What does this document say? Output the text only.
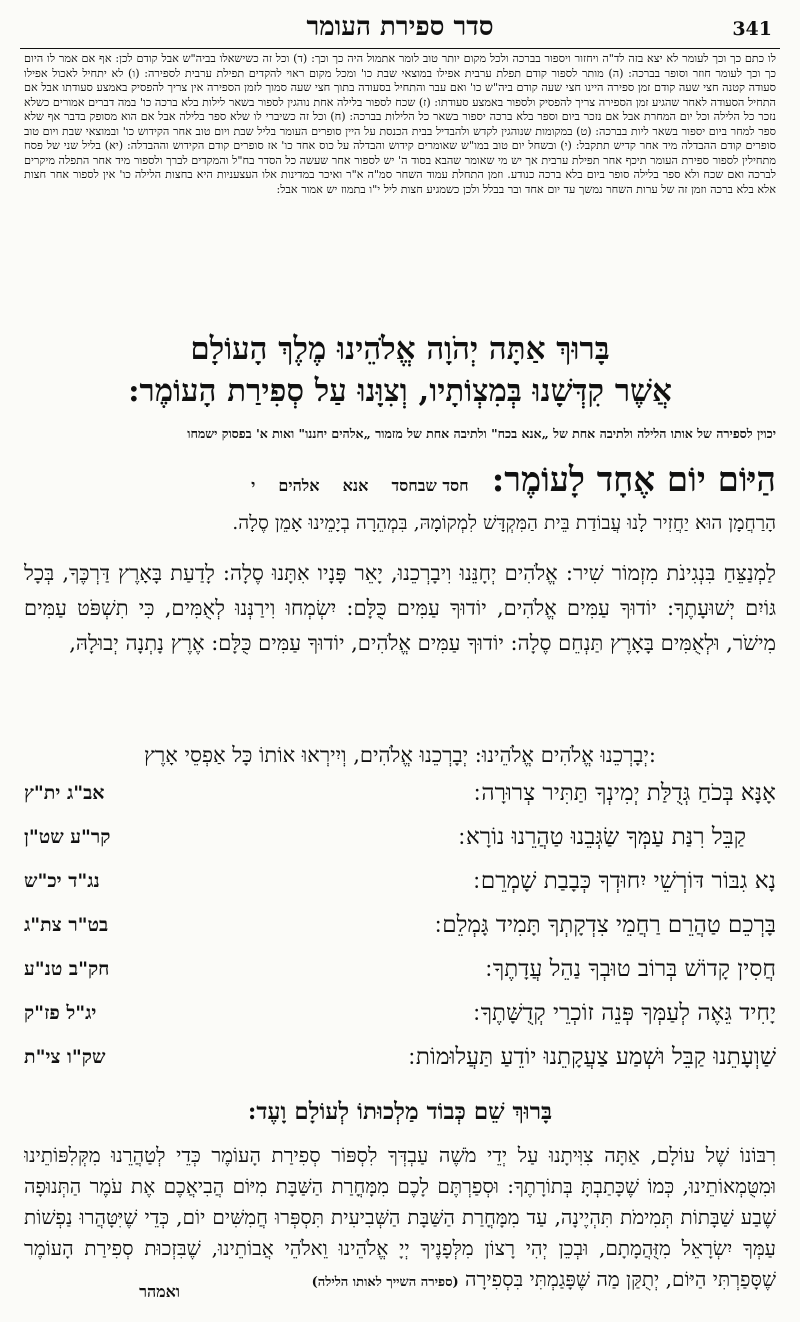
סדר ספירת העומר	341
לו כתם כך וכך לעומר לא יצא בזה לד"ה ויחזור ויספור בברכה ולכל מקום יותר טוב לומר אתמול היה כך וכך: (ד) וכל זה כשישאלו בביה"ש אבל קודם לכן: אף אם אמר לו היום כך וכך לעומר חוזר וסופר בברכה: (ה) מותר לספור קודם תפלת ערבית אפילו במוצאי שבת כו' ומכל מקום ראוי להקדים תפילת ערבית לספירה: (ו) לא יתחיל לאכול אפילו סעודה קטנה חצי שעה קודם זמן ספירה היינו חצי שעה קודם ביה"ש כו' ואם עבר והתחיל בסעודה בתוך חצי שעה סמוך לזמן הספירה אין צריך להפסיק באמצע סעודתו אבל אם התחיל הסעודה לאחר שהגיע זמן הספירה צריך להפסיק ולספור באמצע סעודתו: (ז) שכח לספור בלילה אחת נוהגין לספור בשאר לילות בלא ברכה כו' במה דברים אמורים כשלא נזכר כל הלילה וכל יום המחרת אבל אם נזכר ביום וספר בלא ברכה יספור בשאר כל הלילות בברכה: (ח) וכל זה כשיברי לו שלא ספר בלילה אבל אם הוא מסופק בדבר אף שלא ספר למחר ביום יספור בשאר ליות בברכה: (ט) במקומות שנוהגין לקדש ולהבדיל בבית הכנסת על היין סופרים העומר בליל שבת ויום טוב אחר הקידוש כו' ובמוצאי שבת ויום טוב סופרים קודם ההבדלה מיד אחר קדיש תתקבל: (י) ובשחל יום טוב במו"ש שאומרים קידוש והבדלה על כוס אחד כו' אז סופרים קודם הקידוש וההבדלה: (יא) בליל שני של פסח מתחילין לספור ספירת העומר תיכף אחר תפילת ערבית אך יש מי שאומר שהבא בסוד ה' יש לספור אחר שעשה כל הסדר בח"ל והמקדים לברך ולספור מיד אחר התפלה מיקרים לברכה ואם שכח ולא ספר בלילה סופר ביום בלא ברכה כנודע. וזמן התחלת עמוד השחר סמ"ה א"ר ואיכר במדינות אלו העצעניות היא בחצות הלילה כו' אין לספור אחר חצות אלא בלא ברכה וזמן זה של ערות השחר נמשך עד יום אחד ובר בבלל ולכן כשמגיע חצות ליל י"ו בתמוז יש אמור אבל:
בָּרוּךְ אַתָּה יְהֹוָה אֱלֹהֵינוּ מֶלֶךְ הָעוֹלָם
אֲשֶׁר קִדְּשָׁנוּ בְּמִצְוֹתָיו, וְצִוָּנוּ עַל סְפִירַת הָעוֹמֶר:
יכוין לספירה של אותו הלילה ולתיבה אחת של „אנא בכח" ולתיבה אחת של מזמור „אלהים יחננו" ואות א' בפסוק ישמחו
הַיּוֹם יוֹם אֶחָד לָעוֹמֶר: חסד שבחסד אנא אלהים י
הָרַחֲמָן הוּא יַחֲזִיר לָנוּ עֲבוֹדַת בֵּית הַמִּקְדָּשׁ לִמְקוֹמָהּ, בִּמְהֵרָה בְיָמֵינוּ אָמֵן סֶלָה.
לַמְנַצֵּחַ בִּנְגִינֹת מִזְמוֹר שִׁיר: אֱלֹהִים יְחָנֵּנוּ וִיבָרְכֵנוּ, יָאֵר פָּנָיו אִתָּנוּ סֶלָה: לָדַעַת בָּאָרֶץ דַּרְכֶּךָ, בְּכָל גּוֹיִם יְשׁוּעָתֶךָ: יוֹדוּךָ עַמִּים אֱלֹהִים, יוֹדוּךָ עַמִּים כֻּלָּם: יִשְׂמְחוּ וִירַנְּנוּ לְאֻמִּים, כִּי תִשְׁפֹּט עַמִּים מִישֹׁר, וּלְאֻמִּים בָּאָרֶץ תַּנְחֵם סֶלָה: יוֹדוּךָ עַמִּים אֱלֹהִים, יוֹדוּךָ עַמִּים כֻּלָּם: אֶרֶץ נָתְנָה יְבוּלָהּ,
יְבָרְכֵנוּ אֱלֹהִים אֱלֹהֵינוּ: יְבָרְכֵנוּ אֱלֹהִים, וְיִירְאוּ אוֹתוֹ כָּל אַפְסֵי אָרֶץ:
אָנָּא בְּכֹחַ גְּדֻלַּת יְמִינְךָ תַּתִּיר צְרוּרָה ׃
אב"ג ית"ץ
קַבֵּל רִנַּת עַמְּךָ שַׂגְּבֵנוּ טַהֲרֵנוּ נוֹרָא ׃
קר"ע שט"ן
נָא גִבּוֹר דּוֹרְשֵׁי יִחוּדְךָ כְּבָבַת שָׁמְרֵם ׃
נג"ד יכ"ש
בָּרְכֵם טַהֲרֵם רַחֲמֵי צִדְקָתְךָ תָּמִיד גָּמְלֵם ׃
בט"ר צת"ג
חֲסִין קָדוֹשׁ בְּרוֹב טוּבְךָ נַהֵל עֲדָתֶךָ ׃
חק"ב טנ"ע
יָחִיד גֵּאֶה לְעַמְּךָ פְּנֵה זוֹכְרֵי קְדֻשָּׁתֶךָ ׃
יג"ל פז"ק
שַׁוְעָתֵנוּ קַבֵּל וּשְׁמַע צַעֲקָתֵנוּ יוֹדֵעַ תַּעֲלוּמוֹת ׃
שק"ו צי"ת
בָּרוּךְ שֵׁם כְּבוֹד מַלְכוּתוֹ לְעוֹלָם וָעֶד:
רִבּוֹנוֹ שֶׁל עוֹלָם, אַתָּה צִוִּיתָנוּ עַל יְדֵי מֹשֶׁה עַבְדְּךָ לִסְפּוֹר סְפִירַת הָעוֹמֶר כְּדֵי לְטַהֲרֵנוּ מִקְּלִפּוֹתֵינוּ וּמִטֻּמְאוֹתֵינוּ, כְּמוֹ שֶׁכָּתַבְתָּ בְּתוֹרָתֶךָ: וּסְפַרְתֶּם לָכֶם מִמָּחֳרַת הַשַּׁבָּת מִיּוֹם הֲבִיאֲכֶם אֶת עֹמֶר הַתְּנוּפָה שֶׁבַע שַׁבָּתוֹת תְּמִימֹת תִּהְיֶינָה, עַד מִמָּחֳרַת הַשַּׁבָּת הַשְּׁבִיעִית תִּסְפְּרוּ חֲמִשִּׁים יוֹם, כְּדֵי שֶׁיִּטָּהֲרוּ נַפְשׁוֹת עַמְּךָ יִשְׂרָאֵל מִזֻּהֲמָתָם, וּבְכֵן יְהִי רָצוֹן מִלְּפָנֶיךָ יְיָ אֱלֹהֵינוּ וֵאלֹהֵי אֲבוֹתֵינוּ, שֶׁבִּזְכוּת סְפִירַת הָעוֹמֶר שֶׁסָּפַרְתִּי הַיּוֹם, יְתֻקַּן מַה שֶּׁפָּגַמְתִּי בִּסְפִירָה (ספירה השייך לאותו הלילה)
ואמהר
